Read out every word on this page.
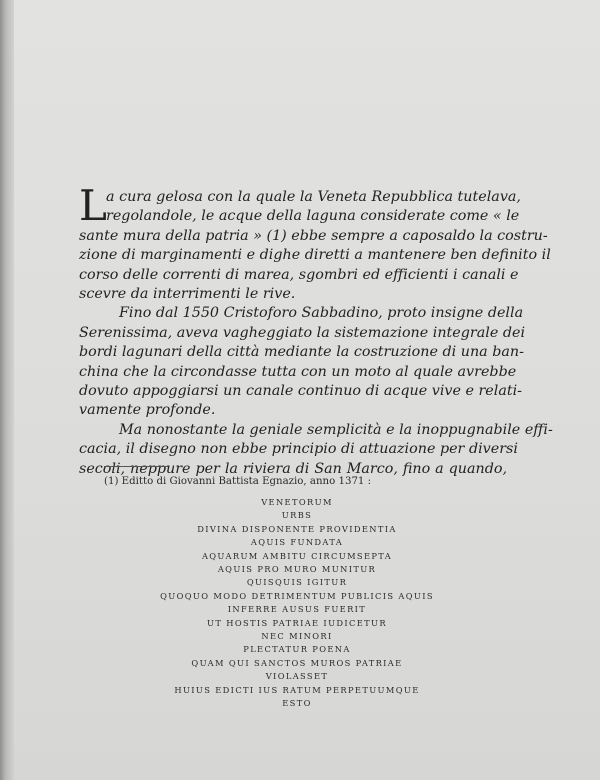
L a cura gelosa con la quale la Veneta Repubblica tutelava,
regolandole, le acque della laguna considerate come « le
sante mura della patria » (1) ebbe sempre a caposaldo la costru-
zione di marginamenti e dighe diretti a mantenere ben definito il
corso delle correnti di marea, sgombri ed efficienti i canali e
scevre da interrimenti le rive.
Fino dal 1550 Cristoforo Sabbadino, proto insigne della
Serenissima, aveva vagheggiato la sistemazione integrale dei
bordi lagunari della città mediante la costruzione di una ban-
china che la circondasse tutta con un moto al quale avrebbe
dovuto appoggiarsi un canale continuo di acque vive e relati-
vamente profonde.
Ma nonostante la geniale semplicità e la inoppugnabile effi-
cacia, il disegno non ebbe principio di attuazione per diversi
secoli, neppure per la riviera di San Marco, fino a quando,
(1) Editto di Giovanni Battista Egnazio, anno 1371 :
VENETORUM
URBS
DIVINA DISPONENTE PROVIDENTIA
AQUIS FUNDATA
AQUARUM AMBITU CIRCUMSEPTA
AQUIS PRO MURO MUNITUR
QUISQUIS IGITUR
QUOQUO MODO DETRIMENTUM PUBLICIS AQUIS
INFERRE AUSUS FUERIT
UT HOSTIS PATRIAE IUDICETUR
NEC MINORI
PLECTATUR POENA
QUAM QUI SANCTOS MUROS PATRIAE
VIOLASSET
HUIUS EDICTI IUS RATUM PERPETUUMQUE
ESTO
